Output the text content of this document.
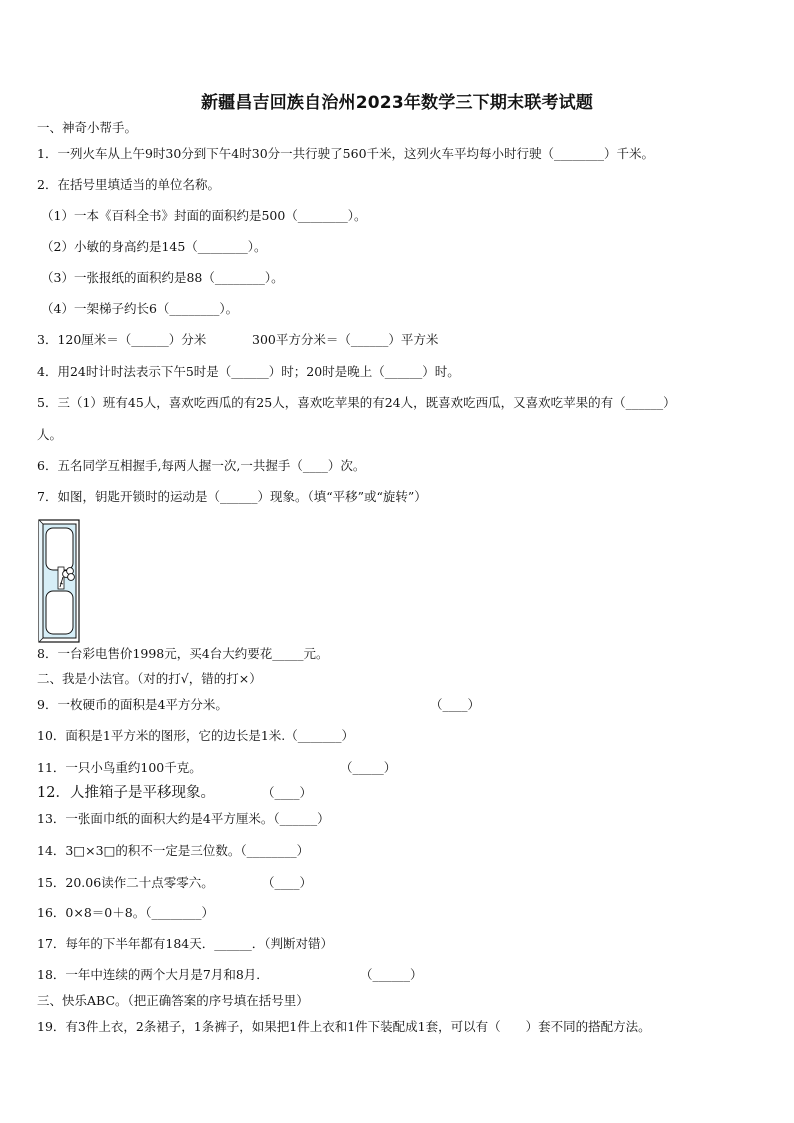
新疆昌吉回族自治州2023年数学三下期末联考试题
一、神奇小帮手。
1．一列火车从上午9时30分到下午4时30分一共行驶了560千米，这列火车平均每小时行驶（________）千米。
2．在括号里填适当的单位名称。
（1）一本《百科全书》封面的面积约是500（________）。
（2）小敏的身高约是145（________）。
（3）一张报纸的面积约是88（________）。
（4）一架梯子约长6（________）。
3．120厘米＝（______）分米	300平方分米＝（______）平方米
4．用24时计时法表示下午5时是（______）时；20时是晚上（______）时。
5．三（1）班有45人，喜欢吃西瓜的有25人，喜欢吃苹果的有24人，既喜欢吃西瓜，又喜欢吃苹果的有（______）
人。
6．五名同学互相握手,每两人握一次,一共握手（____）次。
7．如图，钥匙开锁时的运动是（______）现象。（填“平移”或“旋转”）
8．一台彩电售价1998元，买4台大约要花_____元。
二、我是小法官。（对的打√，错的打×）
9．一枚硬币的面积是4平方分米。	（____）
10．面积是1平方米的图形，它的边长是1米.（_______）
11．一只小鸟重约100千克。	（_____）
12．人推箱子是平移现象。	（____）
13．一张面巾纸的面积大约是4平方厘米。（______）
14．3□×3□的积不一定是三位数。（________）
15．20.06读作二十点零零六。	（____）
16．0×8＝0＋8。（________）
17．每年的下半年都有184天．______．（判断对错）
18．一年中连续的两个大月是7月和8月．	（______）
三、快乐ABC。（把正确答案的序号填在括号里）
19．有3件上衣，2条裙子，1条裤子，如果把1件上衣和1件下装配成1套，可以有（　　）套不同的搭配方法。
